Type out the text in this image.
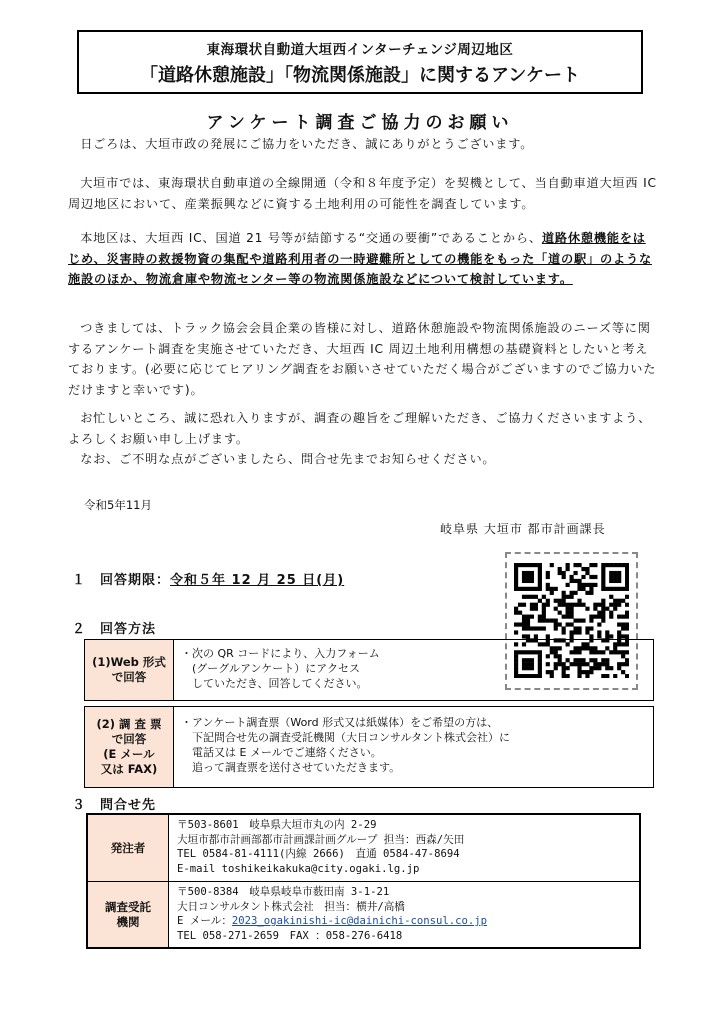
東海環状自動道大垣西インターチェンジ周辺地区
「道路休憩施設」「物流関係施設」に関するアンケート
アンケート調査ご協力のお願い
日ごろは、大垣市政の発展にご協力をいただき、誠にありがとうございます。
大垣市では、東海環状自動車道の全線開通（令和８年度予定）を契機として、当自動車道大垣西 IC 周辺地区において、産業振興などに資する土地利用の可能性を調査しています。
本地区は、大垣西 IC、国道 21 号等が結節する“交通の要衝”であることから、道路休憩機能をはじめ、災害時の救援物資の集配や道路利用者の一時避難所としての機能をもった「道の駅」のような施設のほか、物流倉庫や物流センター等の物流関係施設などについて検討しています。
つきましては、トラック協会会員企業の皆様に対し、道路休憩施設や物流関係施設のニーズ等に関するアンケート調査を実施させていただき、大垣西 IC 周辺土地利用構想の基礎資料としたいと考えております。(必要に応じてヒアリング調査をお願いさせていただく場合がございますのでご協力いただけますと幸いです)。
お忙しいところ、誠に恐れ入りますが、調査の趣旨をご理解いただき、ご協力くださいますよう、よろしくお願い申し上げます。
なお、ご不明な点がございましたら、問合せ先までお知らせください。
令和5年11月
岐阜県 大垣市 都市計画課長
１　回答期限：令和５年 12 月 25 日(月)
２　回答方法
(1)Web 形式
で回答
・次の QR コードにより、入力フォーム
　(グーグルアンケート）にアクセス
　していただき、回答してください。
(2) 調 査 票
で回答
(E メール
又は FAX)
・アンケート調査票（Word 形式又は紙媒体）をご希望の方は、
　下記問合せ先の調査受託機関（大日コンサルタント株式会社）に
　電話又は E メールでご連絡ください。
　追って調査票を送付させていただきます。
３　問合せ先
発注者
〒503-8601　岐阜県大垣市丸の内 2-29
大垣市都市計画部都市計画課計画グループ 担当：西森/矢田
TEL 0584-81-4111(内線 2666)　直通 0584-47-8694
E-mail toshikeikakuka@city.ogaki.lg.jp
調査受託
機関
〒500-8384　岐阜県岐阜市薮田南 3-1-21
大日コンサルタント株式会社　担当：横井/高橋
E メール：2023_ogakinishi-ic@dainichi-consul.co.jp
TEL 058-271-2659　FAX ：058-276-6418
